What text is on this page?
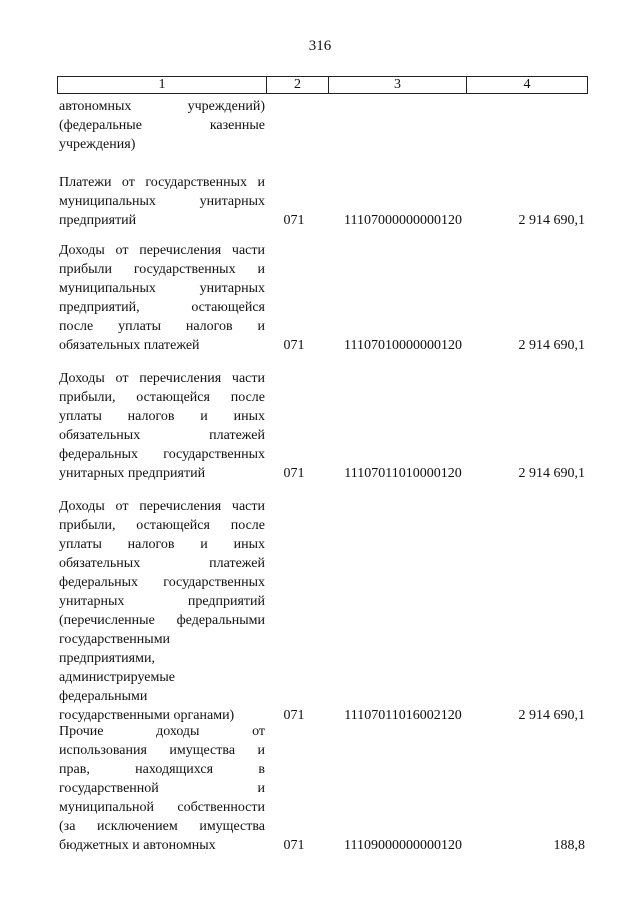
316
1	2	3	4
автономных учреждений)
(федеральные казенные
учреждения)
Платежи от государственных и
муниципальных унитарных
предприятий	071	11107000000000120	2 914 690,1
Доходы от перечисления части
прибыли государственных и
муниципальных унитарных
предприятий, остающейся
после уплаты налогов и
обязательных платежей	071	11107010000000120	2 914 690,1
Доходы от перечисления части
прибыли, остающейся после
уплаты налогов и иных
обязательных платежей
федеральных государственных
унитарных предприятий	071	11107011010000120	2 914 690,1
Доходы от перечисления части
прибыли, остающейся после
уплаты налогов и иных
обязательных платежей
федеральных государственных
унитарных предприятий
(перечисленные федеральными
государственными
предприятиями,
администрируемые
федеральными
государственными органами)	071	11107011016002120	2 914 690,1
Прочие доходы от
использования имущества и
прав, находящихся в
государственной и
муниципальной собственности
(за исключением имущества
бюджетных и автономных	071	11109000000000120	188,8
